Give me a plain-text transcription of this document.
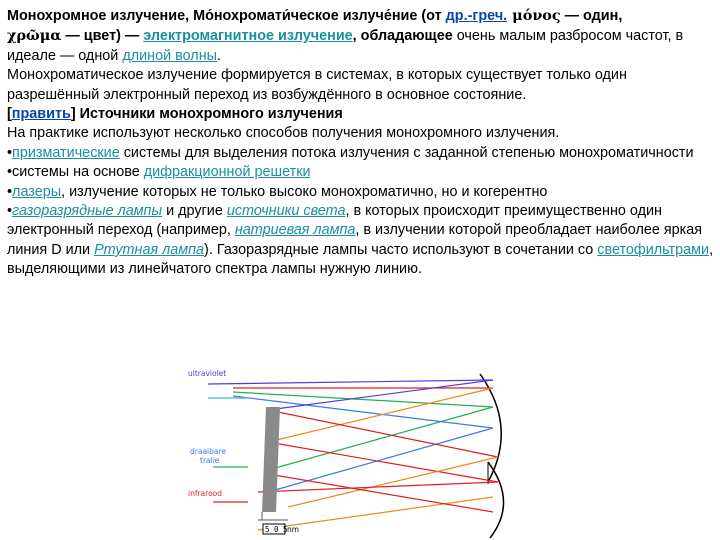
Монохромное излучение, Мо́нохромати́ческое излуче́ние (от др.-греч. μόνος — один,
χρῶμα — цвет) — электромагнитное излучение, обладающее очень малым разбросом частот, в идеале — одной длиной волны.

Монохроматическое излучение формируется в системах, в которых существует только один разрешённый электронный переход из возбуждённого в основное состояние.

[править] Источники монохромного излучения

На практике используют несколько способов получения монохромного излучения.

•призматические системы для выделения потока излучения с заданной степенью монохроматичности

•системы на основе дифракционной решетки

•лазеры, излучение которых не только высоко монохроматично, но и когерентно

•газоразрядные лампы и другие источники света, в которых происходит преимущественно один электронный переход (например, натриевая лампа, в излучении которой преобладает наиболее яркая линия D или Ртутная лампа). Газоразрядные лампы часто используют в сочетании со светофильтрами, выделяющими из линейчатого спектра лампы нужную линию.

ultraviolet
draaibare
tralie
infrarood
5 0 5 nm
